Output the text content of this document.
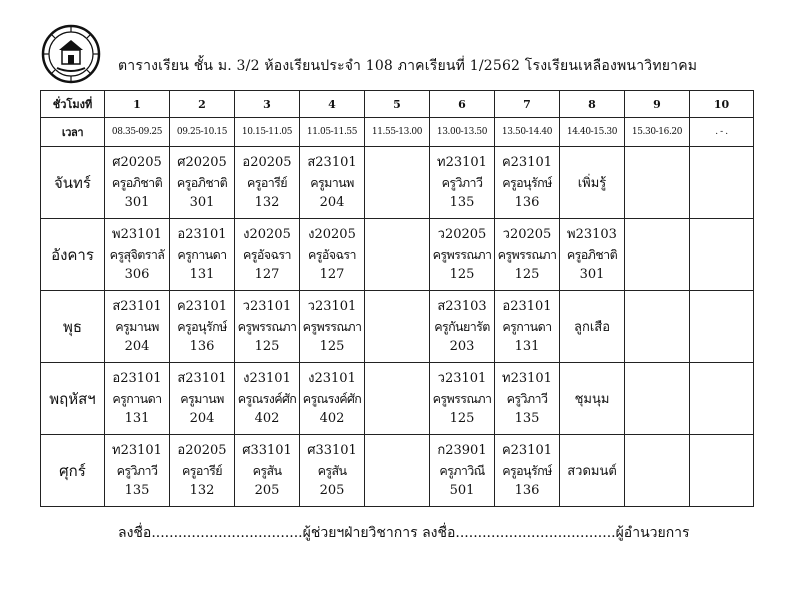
ตารางเรียน ชั้น ม. 3/2 ห้องเรียนประจำ 108 ภาคเรียนที่ 1/2562 โรงเรียนเหลืองพนาวิทยาคม
ชั่วโมงที่	1	2	3	4	5	6	7	8	9	10
เวลา	08.35-09.25	09.25-10.15	10.15-11.05	11.05-11.55	11.55-13.00	13.00-13.50	13.50-14.40	14.40-15.30	15.30-16.20	. - .
จันทร์	ศ20205
ครูอภิชาติ
301	ศ20205
ครูอภิชาติ
301	อ20205
ครูอารีย์
132	ส23101
ครูมานพ
204		ท23101
ครูวิภาวี
135	ค23101
ครูอนุรักษ์
136	เพิ่มรู้		
อังคาร	พ23101
ครูสุจิตราลั
306	อ23101
ครูกานดา
131	ง20205
ครูอัจฉรา
127	ง20205
ครูอัจฉรา
127		ว20205
ครูพรรณภา
125	ว20205
ครูพรรณภา
125	พ23103
ครูอภิชาติ
301		

พุธ	ส23101
ครูมานพ
204	ค23101
ครูอนุรักษ์
136	ว23101
ครูพรรณภา
125	ว23101
ครูพรรณภา
125		ส23103
ครูกันยารัต
203	อ23101
ครูกานดา
131	ลูกเสือ		
พฤหัสฯ	อ23101
ครูกานดา
131	ส23101
ครูมานพ
204	ง23101
ครูณรงค์ศัก
402	ง23101
ครูณรงค์ศัก
402		ว23101
ครูพรรณภา
125	ท23101
ครูวิภาวี
135	ชุมนุม		
ศุกร์	ท23101
ครูวิภาวี
135	อ20205
ครูอารีย์
132	ศ33101
ครูสัน
205	ศ33101
ครูสัน
205		ก23901
ครูภาวิณี
501	ค23101
ครูอนุรักษ์
136	สวดมนต์		
ลงชื่อ..................................ผู้ช่วยฯฝ่ายวิชาการ ลงชื่อ....................................ผู้อำนวยการ
